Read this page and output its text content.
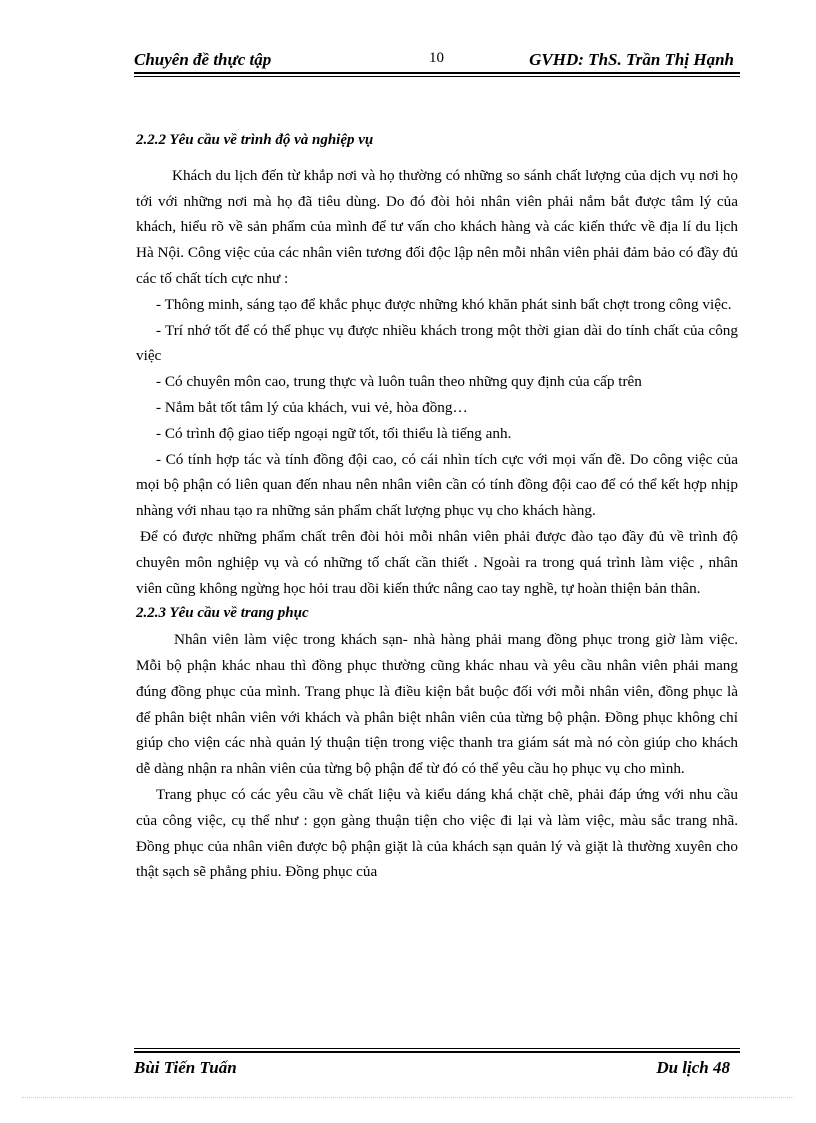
Chuyên đề thực tập	10	GVHD: ThS. Trần Thị Hạnh

2.2.2 Yêu cầu về trình độ và nghiệp vụ

Khách du lịch đến từ khắp nơi và họ thường có những so sánh chất lượng của dịch vụ nơi họ tới với những nơi mà họ đã tiêu dùng. Do đó đòi hỏi nhân viên phải nắm bắt được tâm lý của khách, hiểu rõ về sản phẩm của mình để tư vấn cho khách hàng và các kiến thức về địa lí du lịch Hà Nội. Công việc của các nhân viên tương đối độc lập nên mỗi nhân viên phải đảm bảo có đầy đủ các tố chất tích cực như :

- Thông minh, sáng tạo để khắc phục được những khó khăn phát sinh bất chợt trong công việc.

- Trí nhớ tốt để có thể phục vụ được nhiều khách trong một thời gian dài do tính chất của công việc

- Có chuyên môn cao, trung thực và luôn tuân theo những quy định của cấp trên

- Nắm bắt tốt tâm lý của khách, vui vẻ, hòa đồng…

- Có trình độ giao tiếp ngoại ngữ tốt, tối thiểu là tiếng anh.

- Có tính hợp tác và tính đồng đội cao, có cái nhìn tích cực với mọi vấn đề. Do công việc của mọi bộ phận có liên quan đến nhau nên nhân viên cần có tính đồng đội cao để có thể kết hợp nhịp nhàng với nhau tạo ra những sản phẩm chất lượng phục vụ cho khách hàng.

Để có được những phẩm chất trên đòi hỏi mỗi nhân viên phải được đào tạo đầy đủ về trình độ chuyên môn nghiệp vụ và có những tố chất cần thiết . Ngoài ra trong quá trình làm việc , nhân viên cũng không ngừng học hỏi trau dồi kiến thức nâng cao tay nghề, tự hoàn thiện bản thân.

2.2.3 Yêu cầu về trang phục

Nhân viên làm việc trong khách sạn- nhà hàng phải mang đồng phục trong giờ làm việc. Mỗi bộ phận khác nhau thì đồng phục thường cũng khác nhau và yêu cầu nhân viên phải mang đúng đồng phục của mình. Trang phục là điều kiện bắt buộc đối với mỗi nhân viên, đồng phục là để phân biệt nhân viên với khách và phân biệt nhân viên của từng bộ phận. Đồng phục không chỉ giúp cho viện các nhà quản lý thuận tiện trong việc thanh tra giám sát mà nó còn giúp cho khách dễ dàng nhận ra nhân viên của từng bộ phận để từ đó có thể yêu cầu họ phục vụ cho mình.

Trang phục có các yêu cầu về chất liệu và kiểu dáng khá chặt chẽ, phải đáp ứng với nhu cầu của công việc, cụ thể như : gọn gàng thuận tiện cho việc đi lại và làm việc, màu sắc trang nhã. Đồng phục của nhân viên được bộ phận giặt là của khách sạn quản lý và giặt là thường xuyên cho thật sạch sẽ phẳng phiu. Đồng phục của

Bùi Tiến Tuấn	Du lịch 48
